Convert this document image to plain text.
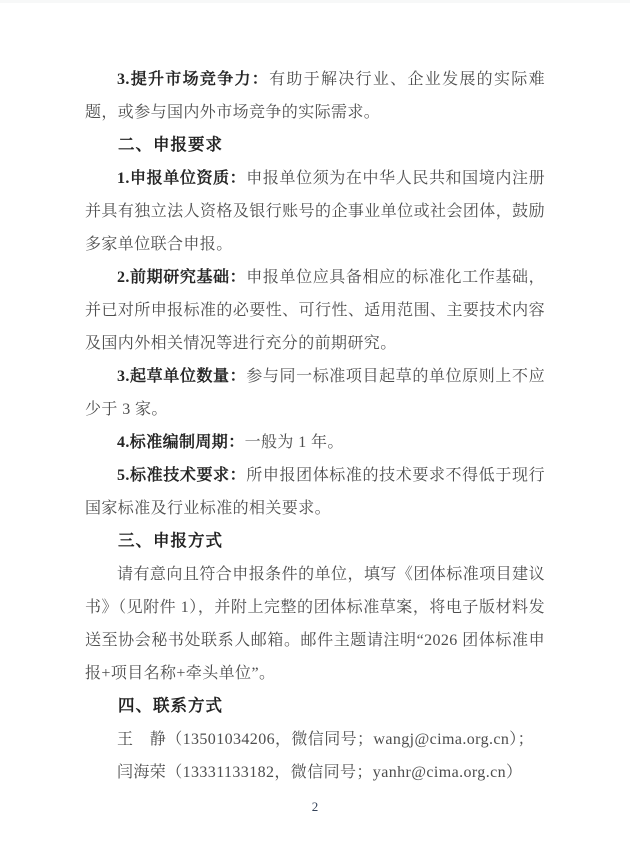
3.提升市场竞争力：有助于解决行业、企业发展的实际难题，或参与国内外市场竞争的实际需求。

二、申报要求

1.申报单位资质：申报单位须为在中华人民共和国境内注册并具有独立法人资格及银行账号的企事业单位或社会团体，鼓励多家单位联合申报。

2.前期研究基础：申报单位应具备相应的标准化工作基础，并已对所申报标准的必要性、可行性、适用范围、主要技术内容及国内外相关情况等进行充分的前期研究。

3.起草单位数量：参与同一标准项目起草的单位原则上不应少于 3 家。

4.标准编制周期：一般为 1 年。

5.标准技术要求：所申报团体标准的技术要求不得低于现行国家标准及行业标准的相关要求。

三、申报方式

请有意向且符合申报条件的单位，填写《团体标准项目建议书》（见附件 1），并附上完整的团体标准草案，将电子版材料发送至协会秘书处联系人邮箱。邮件主题请注明“2026 团体标准申报+项目名称+牵头单位”。

四、联系方式

王　静（13501034206，微信同号；wangj@cima.org.cn）；

闫海荣（13331133182，微信同号；yanhr@cima.org.cn）

2
